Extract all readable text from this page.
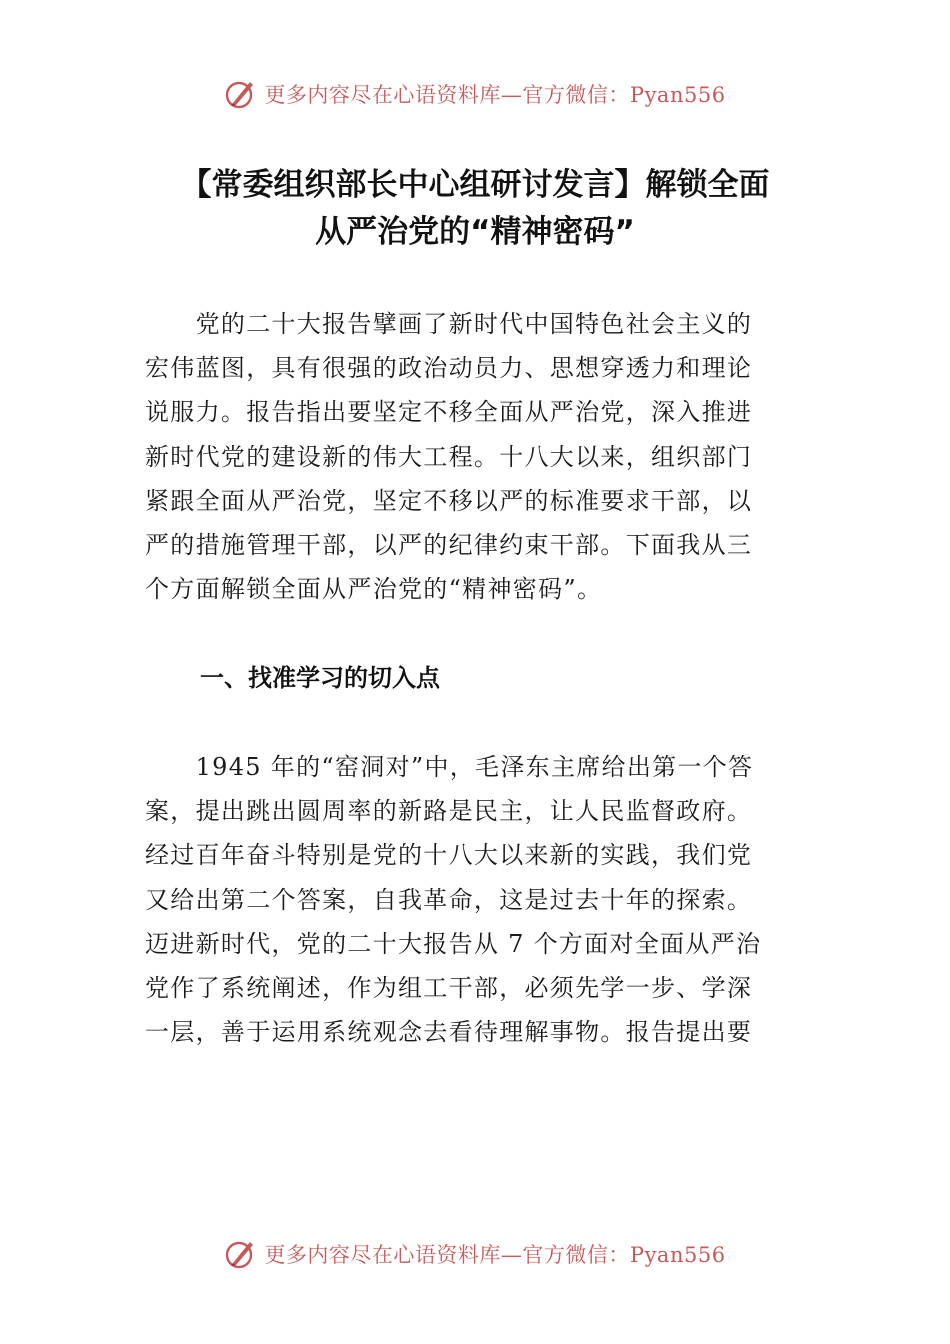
更多内容尽在心语资料库—官方微信：Pyan556
【常委组织部长中心组研讨发言】解锁全面
从严治党的“精神密码”
　　党的二十大报告擘画了新时代中国特色社会主义的
宏伟蓝图，具有很强的政治动员力、思想穿透力和理论
说服力。报告指出要坚定不移全面从严治党，深入推进
新时代党的建设新的伟大工程。十八大以来，组织部门
紧跟全面从严治党，坚定不移以严的标准要求干部，以
严的措施管理干部，以严的纪律约束干部。下面我从三
个方面解锁全面从严治党的“精神密码”。
一、找准学习的切入点
　　1945 年的“窑洞对”中，毛泽东主席给出第一个答
案，提出跳出圆周率的新路是民主，让人民监督政府。
经过百年奋斗特别是党的十八大以来新的实践，我们党
又给出第二个答案，自我革命，这是过去十年的探索。
迈进新时代，党的二十大报告从 7 个方面对全面从严治
党作了系统阐述，作为组工干部，必须先学一步、学深
一层，善于运用系统观念去看待理解事物。报告提出要
更多内容尽在心语资料库—官方微信：Pyan556
